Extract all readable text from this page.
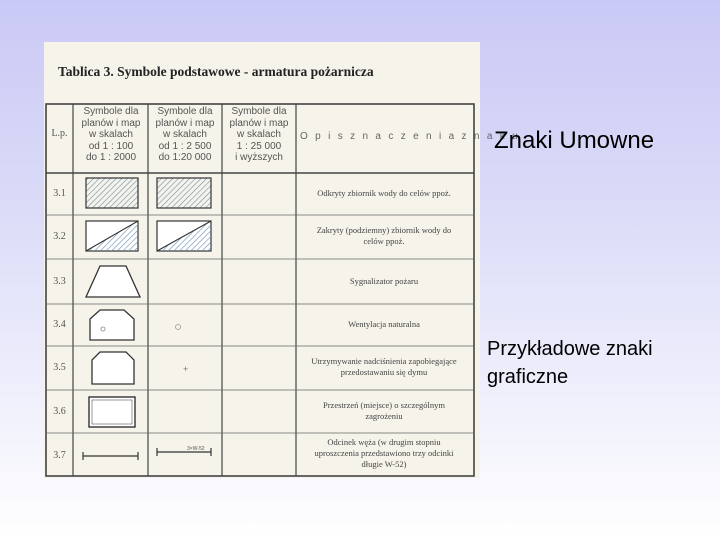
+
Tablica 3. Symbole podstawowe - armatura pożarnicza
L.p.
Symbole dla
planów i map
w skalach
od 1 : 100
do 1 : 2000
Symbole dla
planów i map
w skalach
od 1 : 2 500
do 1:20 000
Symbole dla
planów i map
w skalach
1 : 25 000
i wyższych
O p i s z n a c z e n i a z n a k u
3.1
3.2
3.3
3.4
3.5
3.6
3.7
Odkryty zbiornik wody do celów ppoż.
Zakryty (podziemny) zbiornik wody do
celów ppoż.
Sygnalizator pożaru
Wentylacja naturalna
Utrzymywanie nadciśnienia zapobiegające
przedostawaniu się dymu
Przestrzeń (miejsce) o szczególnym
zagrożeniu
Odcinek węża (w drugim stopniu
uproszczenia przedstawiono trzy odcinki
długie W-52)
3×W-52
Znaki Umowne
Przykładowe znaki
graficzne
